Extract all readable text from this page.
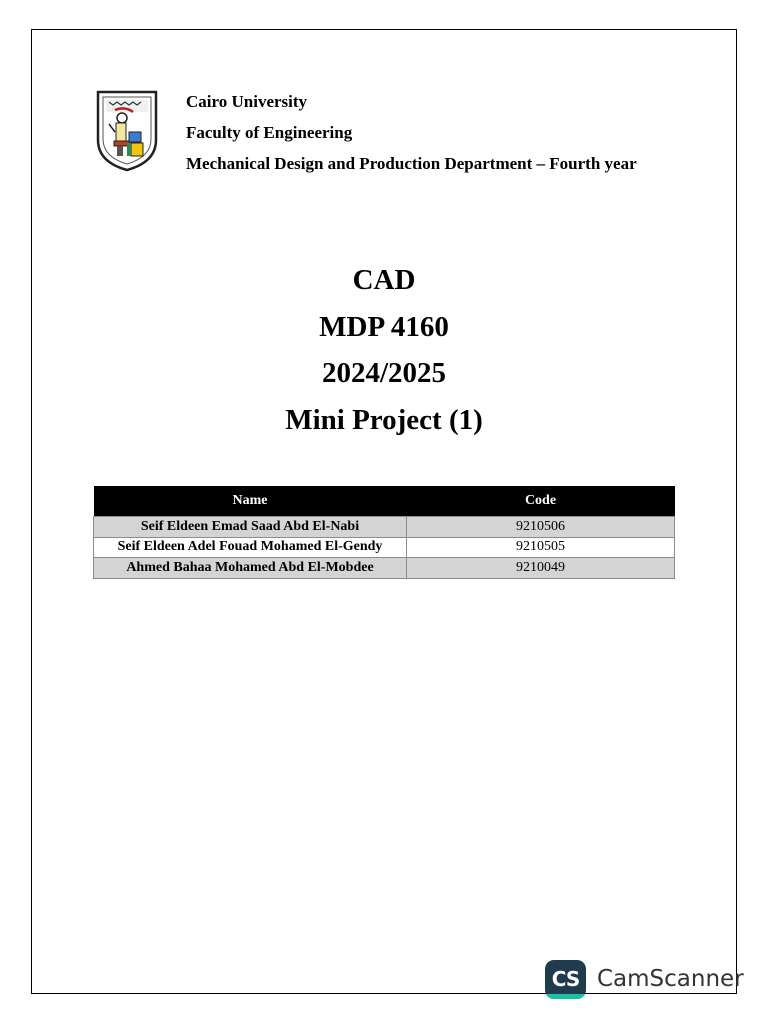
Cairo University
Faculty of Engineering
Mechanical Design and Production Department – Fourth year
CAD
MDP 4160
2024/2025
Mini Project (1)
Name	Code
Seif Eldeen Emad Saad Abd El-Nabi	9210506
Seif Eldeen Adel Fouad Mohamed El-Gendy	9210505
Ahmed Bahaa Mohamed Abd El-Mobdee	9210049
CS CamScanner
